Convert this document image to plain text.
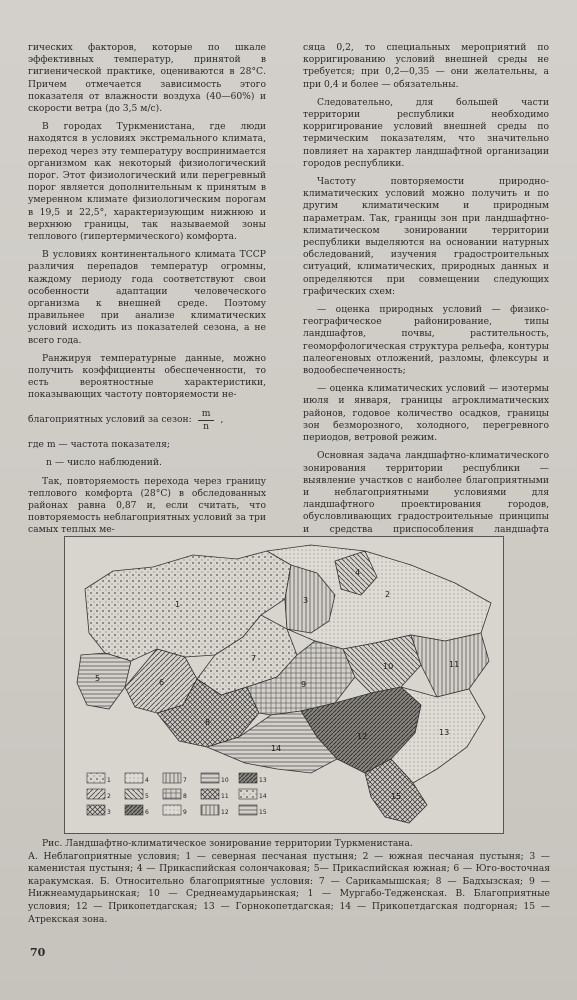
гических факторов, которые по шкале эффективных температур, принятой в гигиенической практике, оцениваются в 28°С. Причем отмечается зависимость этого показателя от влажности воздуха (40—60%) и скорости ветра (до 3,5 м/с).

В городах Туркменистана, где люди находятся в условиях экстремального климата, переход через эту температуру воспринимается организмом как некоторый физиологический порог. Этот физиологический или перегревный порог является дополнительным к принятым в умеренном климате физиологическим порогам в 19,5 и 22,5°, характеризующим нижнюю и верхнюю границы, так называемой зоны теплового (гипертермического) комфорта.

В условиях континентального климата ТССР различия перепадов температур огромны, каждому периоду года соответствуют свои особенности адаптации человеческого организма к внешней среде. Поэтому правильнее при анализе климатических условий исходить из показателей сезона, а не всего года.

Ранжируя температурные данные, можно получить коэффициенты обеспеченности, то есть вероятностные характеристики, показывающих частоту повторяемости не-

благоприятных условий за сезон: $\frac{m}{n}$ ,
где m — частота показателя;
n — число наблюдений.

Так, повторяемость перехода через границу теплового комфорта (28°С) в обследованных районах равна 0,87 и, если считать, что повторяемость неблагоприятных условий за три самых теплых ме-

сяца 0,2, то специальных мероприятий по корригированию условий внешней среды не требуется; при 0,2—0,35 — они желательны, а при 0,4 и более — обязательны.

Следовательно, для большей части территории республики необходимо корригирование условий внешней среды по термическим показателям, что значительно повлияет на характер ландшафтной организации городов республики.

Частоту повторяемости природно-климатических условий можно получить и по другим климатическим и природным параметрам. Так, границы зон при ландшафтно-климатическом зонировании территории республики выделяются на основании натурных обследований, изучения градостроительных ситуаций, климатических, природных данных и определяются при совмещении следующих графических схем:

— оценка природных условий — физико-географическое районирование, типы ландшафтов, почвы, растительность, геоморфологическая структура рельефа, контуры палеогеновых отложений, разломы, флексуры и водообеспеченность;

— оценка климатических условий — изотермы июля и января, границы агроклиматических районов, годовое количество осадков, границы зон безморозного, холодного, перегревного периодов, ветровой режим.

Основная задача ландшафтно-климатического зонирования территории республики — выявление участков с наиболее благоприятными и неблагоприятными условиями для ландшафтного проектирования городов, обусловливающих градостроительные принципы и средства приспособления ландшафта

1
2
3
4
5	6
7
8
9
10	11
12	13
14
15
1	4	7	10	13
2	5	8	11	14
3	6	9	12	15
Рис. Ландшафтно-климатическое зонирование территории Туркменистана.
А. Неблагоприятные условия; 1 — северная песчаная пустыня; 2 — южная песчаная пустыня; 3 — каменистая пустыня; 4 — Прикаспийская солончаковая; 5— Прикаспийская южная; 6 — Юго-восточная каракумская. Б. Относительно благоприятные условия: 7 — Сарикамышская; 8 — Бадхызская; 9 — Нижнеамударьинская; 10 — Среднеамударьинская; 1 — Мургабо-Тедженская. В. Благоприятные условия; 12 — Прикопетдагская; 13 — Горнокопетдагская; 14 — Прикопетдагская подгорная; 15 — Атрекская зона.
70
